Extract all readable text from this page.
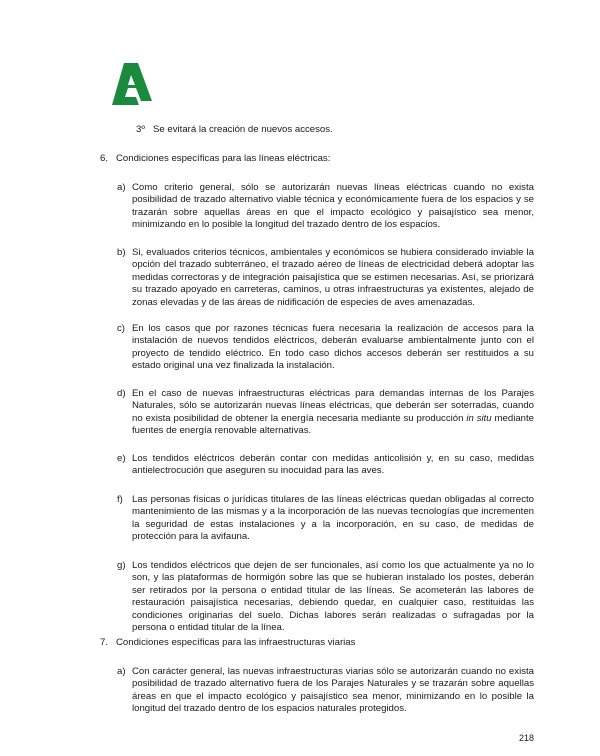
3º Se evitará la creación de nuevos accesos.
6.   Condiciones específicas para las líneas eléctricas:
a) Como criterio general, sólo se autorizarán nuevas líneas eléctricas cuando no exista posibilidad de trazado alternativo viable técnica y económicamente fuera de los espacios y se trazarán sobre aquellas áreas en que el impacto ecológico y paisajístico sea menor, minimizando en lo posible la longitud del trazado dentro de los espacios.
b) Si, evaluados criterios técnicos, ambientales y económicos se hubiera considerado inviable la opción del trazado subterráneo, el trazado aéreo de líneas de electricidad deberá adoptar las medidas correctoras y de integración paisajística que se estimen necesarias. Así, se priorizará su trazado apoyado en carreteras, caminos, u otras infraestructuras ya existentes, alejado de zonas elevadas y de las áreas de nidificación de especies de aves amenazadas.
c) En los casos que por razones técnicas fuera necesaria la realización de accesos para la instalación de nuevos tendidos eléctricos, deberán evaluarse ambientalmente junto con el proyecto de tendido eléctrico. En todo caso dichos accesos deberán ser restituidos a su estado original una vez finalizada la instalación.
d) En el caso de nuevas infraestructuras eléctricas para demandas internas de los Parajes Naturales, sólo se autorizarán nuevas líneas eléctricas, que deberán ser soterradas, cuando no exista posibilidad de obtener la energía necesaria mediante su producción in situ mediante fuentes de energía renovable alternativas.
e) Los tendidos eléctricos deberán contar con medidas anticolisión y, en su caso, medidas antielectrocución que aseguren su inocuidad para las aves.
f) Las personas físicas o jurídicas titulares de las líneas eléctricas quedan obligadas al correcto mantenimiento de las mismas y a la incorporación de las nuevas tecnologías que incrementen la seguridad de estas instalaciones y a la incorporación, en su caso, de medidas de protección para la avifauna.
g) Los tendidos eléctricos que dejen de ser funcionales, así como los que actualmente ya no lo son, y las plataformas de hormigón sobre las que se hubieran instalado los postes, deberán ser retirados por la persona o entidad titular de las líneas. Se acometerán las labores de restauración paisajística necesarias, debiendo quedar, en cualquier caso, restituidas las condiciones originarias del suelo. Dichas labores serán realizadas o sufragadas por la persona o entidad titular de la línea.
7.   Condiciones específicas para las infraestructuras viarias
a) Con carácter general, las nuevas infraestructuras viarias sólo se autorizarán cuando no exista posibilidad de trazado alternativo fuera de los Parajes Naturales y se trazarán sobre aquellas áreas en que el impacto ecológico y paisajístico sea menor, minimizando en lo posible la longitud del trazado dentro de los espacios naturales protegidos.
218
